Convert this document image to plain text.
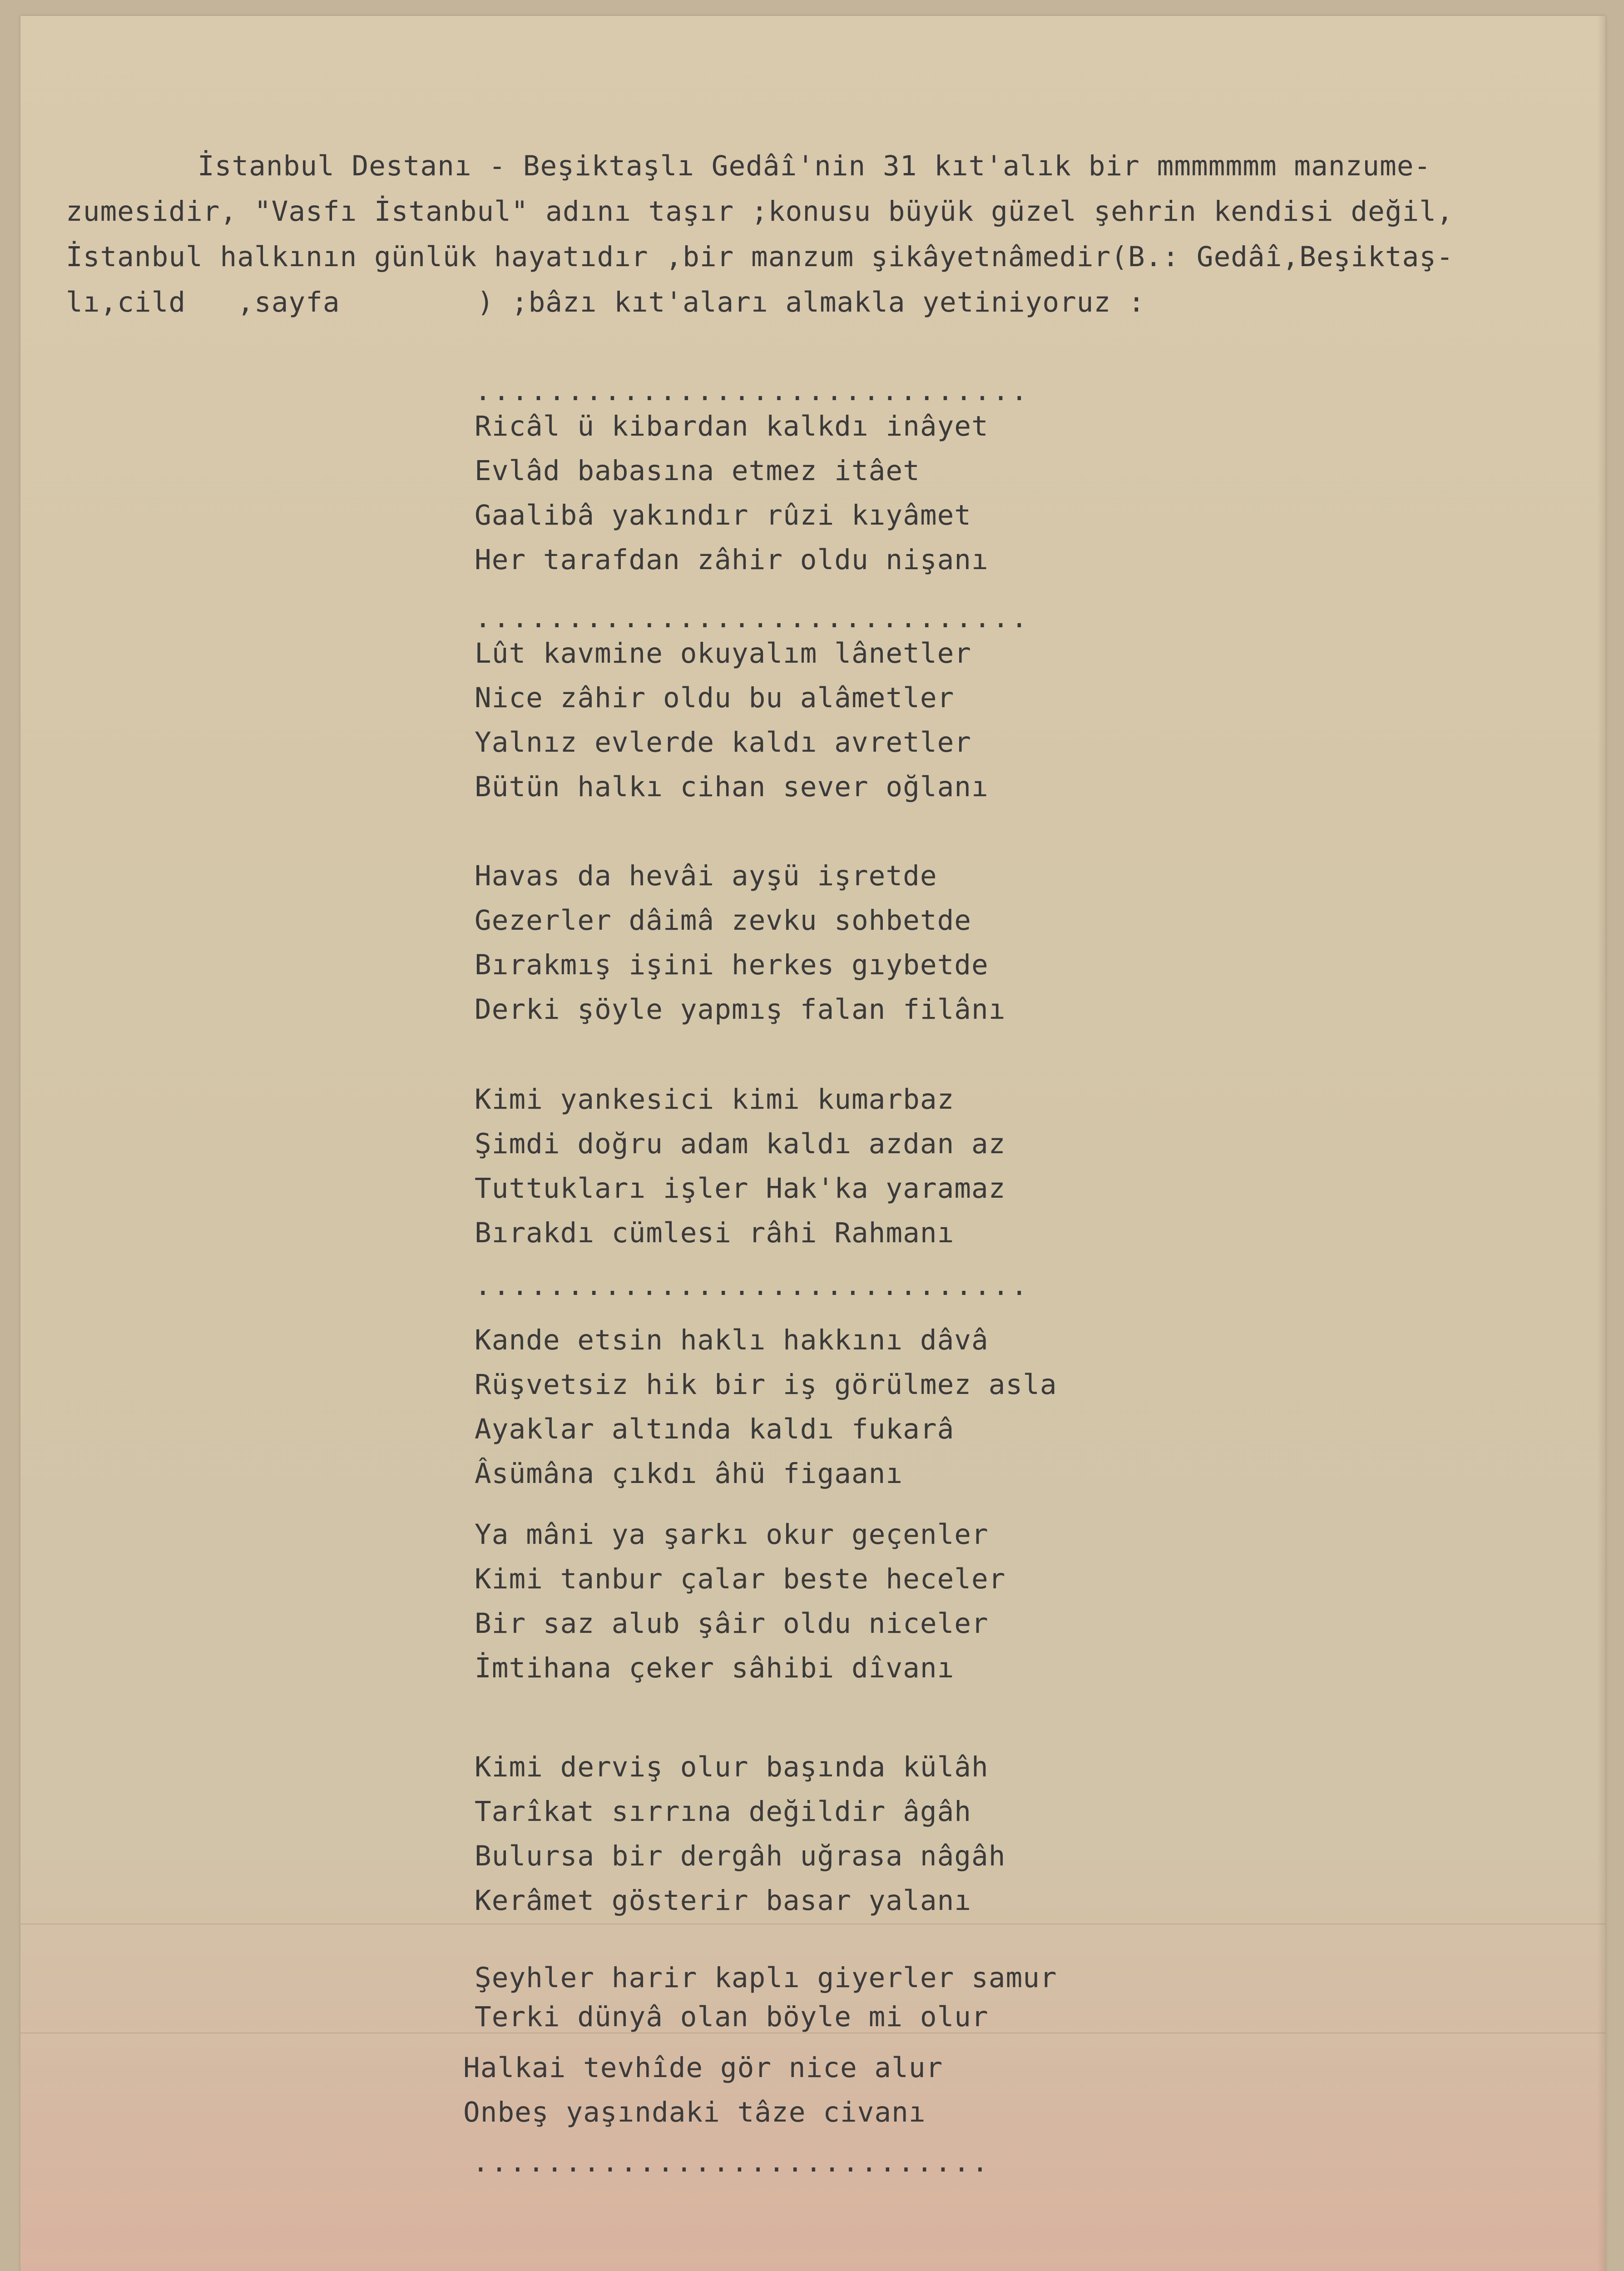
İstanbul Destanı - Beşiktaşlı Gedâî'nin 31 kıt'alık bir mmmmmmm manzume-

zumesidir, "Vasfı İstanbul" adını taşır ;konusu büyük güzel şehrin kendisi değil,

İstanbul halkının günlük hayatıdır ,bir manzum şikâyetnâmedir(B.: Gedâî,Beşiktaş-

lı,cild   ,sayfa        ) ;bâzı kıt'aları almakla yetiniyoruz :

..............................

Ricâl ü kibardan kalkdı inâyet

Evlâd babasına etmez itâet

Gaalibâ yakındır rûzi kıyâmet

Her tarafdan zâhir oldu nişanı

..............................

Lût kavmine okuyalım lânetler

Nice zâhir oldu bu alâmetler

Yalnız evlerde kaldı avretler

Bütün halkı cihan sever oğlanı

Havas da hevâi ayşü işretde

Gezerler dâimâ zevku sohbetde

Bırakmış işini herkes gıybetde

Derki şöyle yapmış falan filânı

Kimi yankesici kimi kumarbaz

Şimdi doğru adam kaldı azdan az

Tuttukları işler Hak'ka yaramaz

Bırakdı cümlesi râhi Rahmanı

..............................

Kande etsin haklı hakkını dâvâ

Rüşvetsiz hik bir iş görülmez asla

Ayaklar altında kaldı fukarâ

Âsümâna çıkdı âhü figaanı

Ya mâni ya şarkı okur geçenler

Kimi tanbur çalar beste heceler

Bir saz alub şâir oldu niceler

İmtihana çeker sâhibi dîvanı

Kimi derviş olur başında külâh

Tarîkat sırrına değildir âgâh

Bulursa bir dergâh uğrasa nâgâh

Kerâmet gösterir basar yalanı

Şeyhler harir kaplı giyerler samur

Terki dünyâ olan böyle mi olur

Halkai tevhîde gör nice alur

Onbeş yaşındaki tâze civanı

............................
